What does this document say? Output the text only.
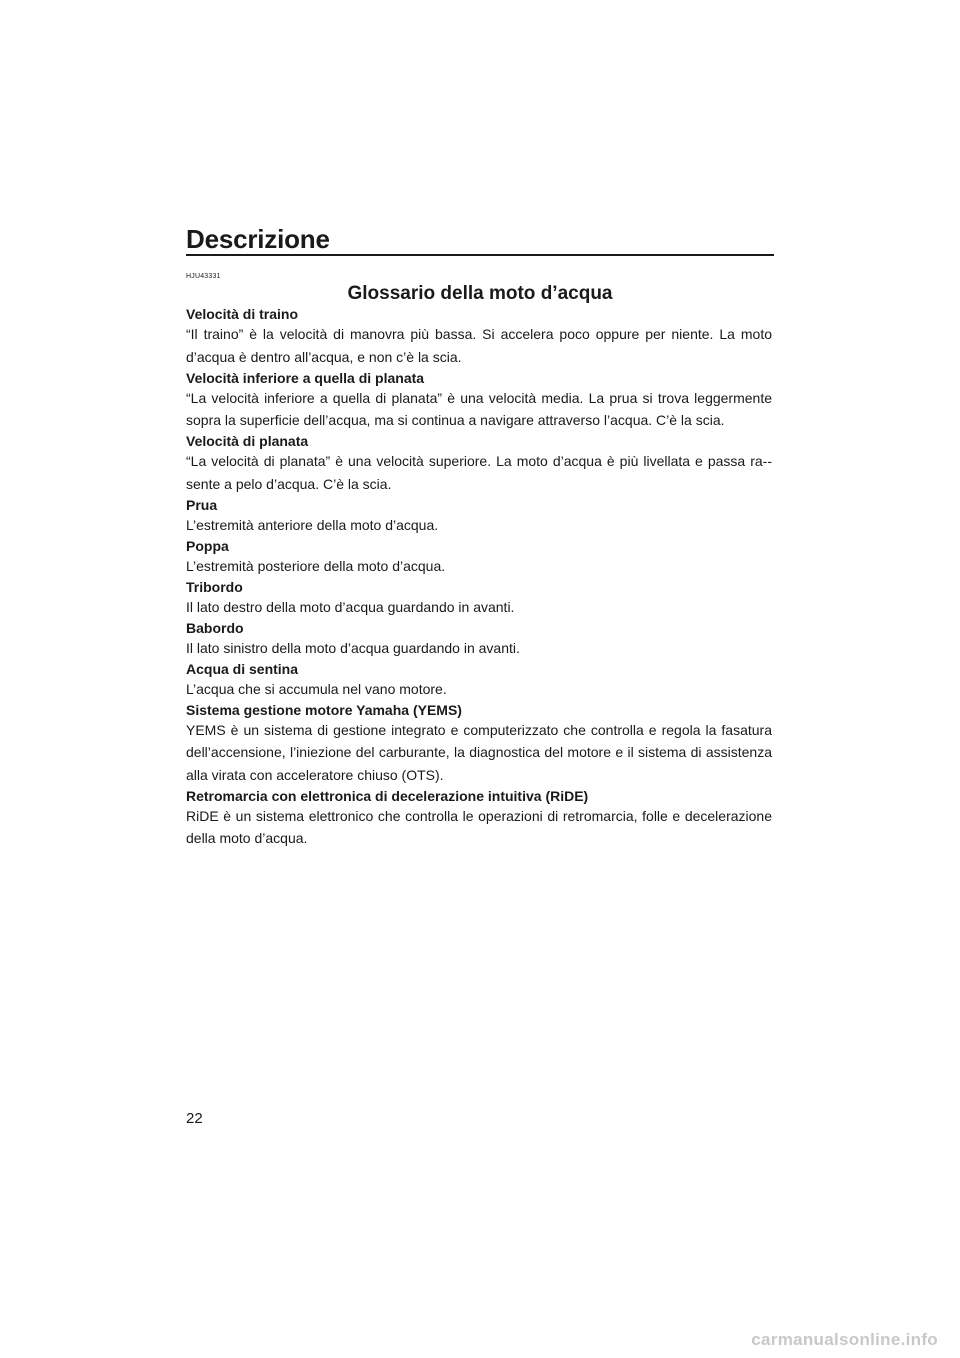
Descrizione
HJU43331
Glossario della moto d’acqua
Velocità di traino
“Il traino” è la velocità di manovra più bassa. Si accelera poco oppure per niente. La moto d’acqua è dentro all’acqua, e non c’è la scia.
Velocità inferiore a quella di planata
“La velocità inferiore a quella di planata” è una velocità media. La prua si trova leggermente sopra la superficie dell’acqua, ma si continua a navigare attraverso l’acqua. C’è la scia.
Velocità di planata
“La velocità di planata” è una velocità superiore. La moto d’acqua è più livellata e passa ra-sente a pelo d’acqua. C’è la scia.
Prua
L’estremità anteriore della moto d’acqua.
Poppa
L’estremità posteriore della moto d’acqua.
Tribordo
Il lato destro della moto d’acqua guardando in avanti.
Babordo
Il lato sinistro della moto d’acqua guardando in avanti.
Acqua di sentina
L’acqua che si accumula nel vano motore.
Sistema gestione motore Yamaha (YEMS)
YEMS è un sistema di gestione integrato e computerizzato che controlla e regola la fasatura dell’accensione, l’iniezione del carburante, la diagnostica del motore e il sistema di assistenza alla virata con acceleratore chiuso (OTS).
Retromarcia con elettronica di decelerazione intuitiva (RiDE)
RiDE è un sistema elettronico che controlla le operazioni di retromarcia, folle e decelerazione della moto d’acqua.
22
carmanualsonline.info
